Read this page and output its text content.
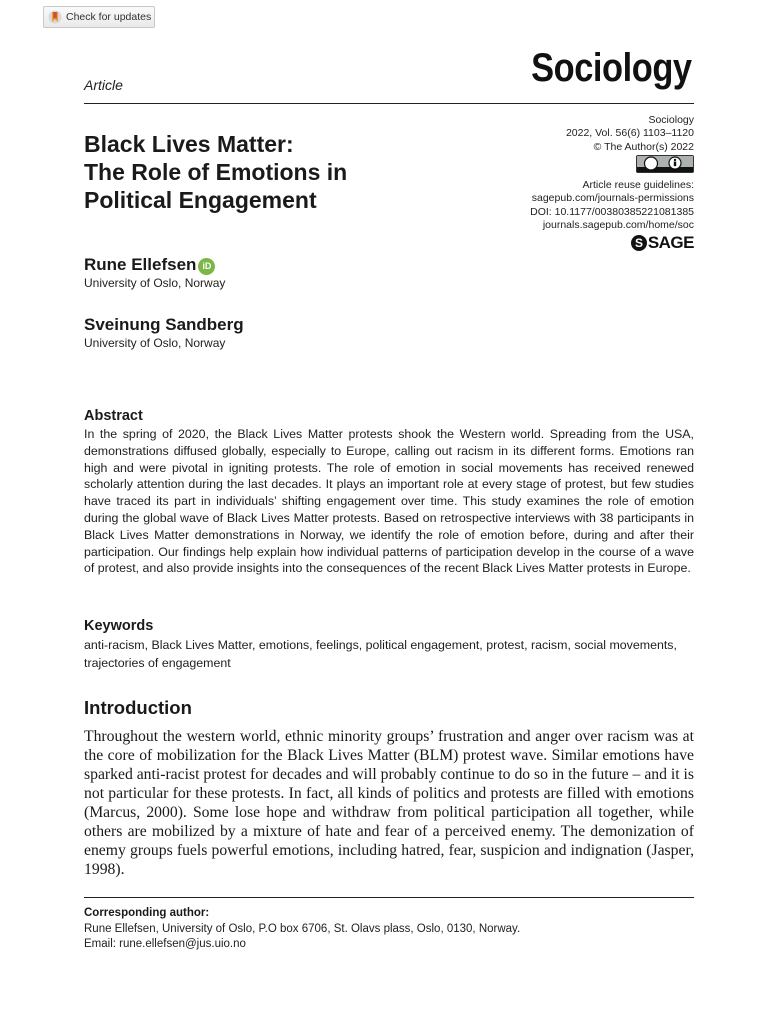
Check for updates
Article	Sociology
Black Lives Matter:
The Role of Emotions in
Political Engagement
Sociology
2022, Vol. 56(6) 1103–1120
© The Author(s) 2022
Article reuse guidelines:
sagepub.com/journals-permissions
DOI: 10.1177/00380385221081385
journals.sagepub.com/home/soc
S SAGE
Rune Ellefsen iD
University of Oslo, Norway
Sveinung Sandberg
University of Oslo, Norway
Abstract

In the spring of 2020, the Black Lives Matter protests shook the Western world. Spreading from the USA, demonstrations diffused globally, especially to Europe, calling out racism in its different forms. Emotions ran high and were pivotal in igniting protests. The role of emotion in social movements has received renewed scholarly attention during the last decades. It plays an important role at every stage of protest, but few studies have traced its part in individuals’ shifting engagement over time. This study examines the role of emotion during the global wave of Black Lives Matter protests. Based on retrospective interviews with 38 participants in Black Lives Matter demonstrations in Norway, we identify the role of emotion before, during and after their participation. Our findings help explain how individual patterns of participation develop in the course of a wave of protest, and also provide insights into the consequences of the recent Black Lives Matter protests in Europe.

Keywords

anti-racism, Black Lives Matter, emotions, feelings, political engagement, protest, racism, social movements, trajectories of engagement

Introduction

Throughout the western world, ethnic minority groups’ frustration and anger over racism was at the core of mobilization for the Black Lives Matter (BLM) protest wave. Similar emotions have sparked anti-racist protest for decades and will probably continue to do so in the future – and it is not particular for these protests. In fact, all kinds of politics and protests are filled with emotions (Marcus, 2000). Some lose hope and withdraw from political participation all together, while others are mobilized by a mixture of hate and fear of a perceived enemy. The demonization of enemy groups fuels powerful emotions, including hatred, fear, suspicion and indignation (Jasper, 1998).

Corresponding author:
Rune Ellefsen, University of Oslo, P.O box 6706, St. Olavs plass, Oslo, 0130, Norway.
Email: rune.ellefsen@jus.uio.no
